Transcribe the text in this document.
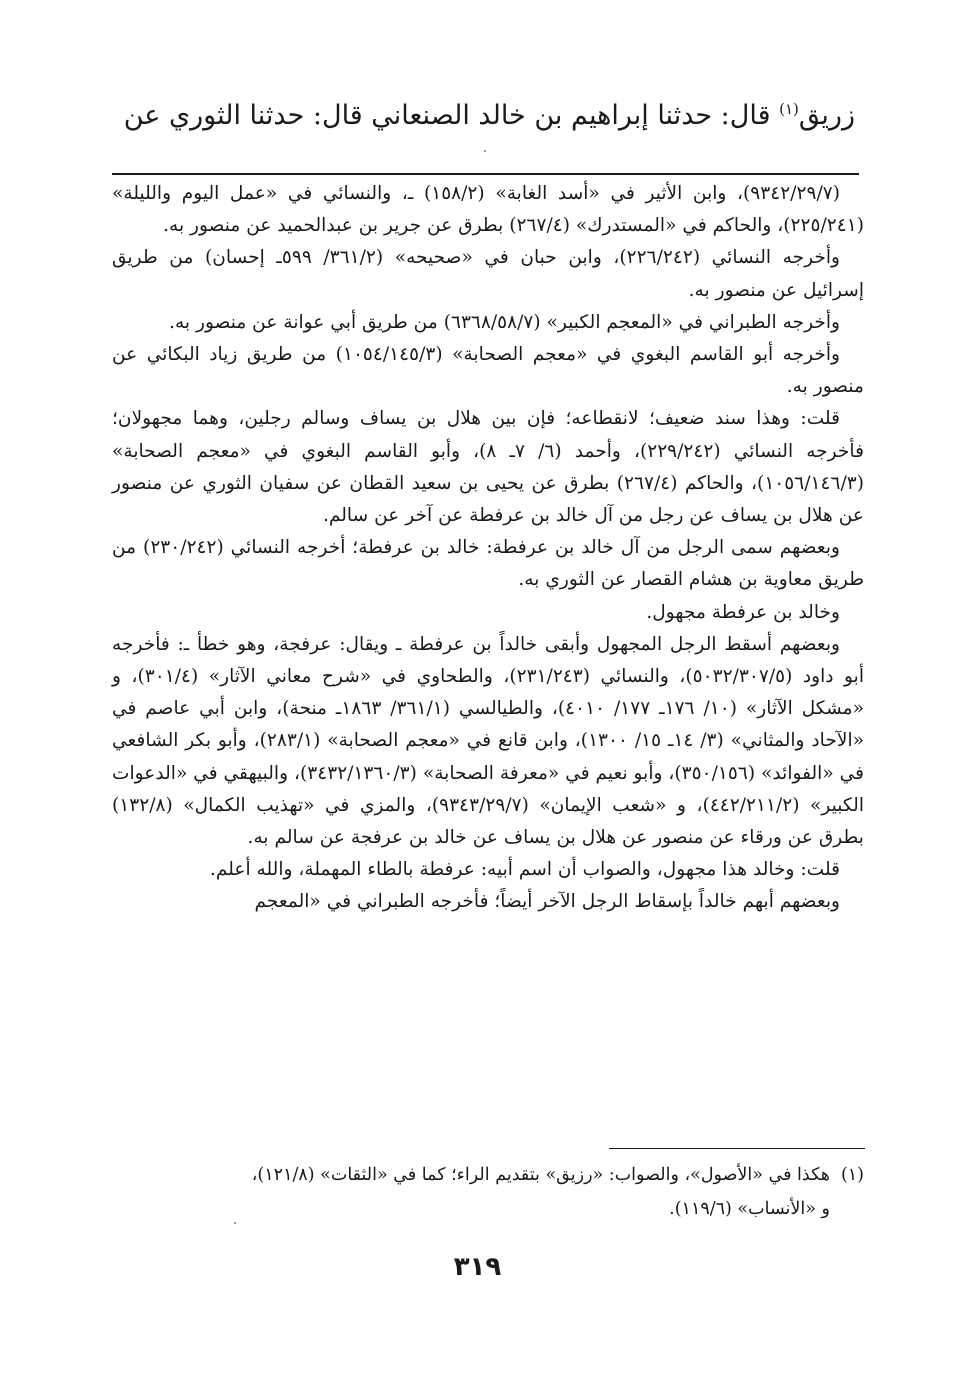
زريق$^{(١)}$ قال: حدثنا إبراهيم بن خالد الصنعاني قال: حدثنا الثوري عن

(٩٣٤٢/٢٩/٧)، وابن الأثير في «أسد الغابة» (١٥٨/٢) ـ، والنسائي في «عمل اليوم والليلة» (٢٢٥/٢٤١)، والحاكم في «المستدرك» (٢٦٧/٤) بطرق عن جرير بن عبدالحميد عن منصور به.

وأخرجه النسائي (٢٢٦/٢٤٢)، وابن حبان في «صحيحه» (٣٦١/٢/ ٥٩٩ـ إحسان) من طريق إسرائيل عن منصور به.

وأخرجه الطبراني في «المعجم الكبير» (٦٣٦٨/٥٨/٧) من طريق أبي عوانة عن منصور به.

وأخرجه أبو القاسم البغوي في «معجم الصحابة» (١٠٥٤/١٤٥/٣) من طريق زياد البكائي عن منصور به.

قلت: وهذا سند ضعيف؛ لانقطاعه؛ فإن بين هلال بن يساف وسالم رجلين، وهما مجهولان؛ فأخرجه النسائي (٢٢٩/٢٤٢)، وأحمد (٦/ ٧ـ ٨)، وأبو القاسم البغوي في «معجم الصحابة» (١٠٥٦/١٤٦/٣)، والحاكم (٢٦٧/٤) بطرق عن يحيى بن سعيد القطان عن سفيان الثوري عن منصور عن هلال بن يساف عن رجل من آل خالد بن عرفطة عن آخر عن سالم.

وبعضهم سمى الرجل من آل خالد بن عرفطة: خالد بن عرفطة؛ أخرجه النسائي (٢٣٠/٢٤٢) من طريق معاوية بن هشام القصار عن الثوري به.

وخالد بن عرفطة مجهول.

وبعضهم أسقط الرجل المجهول وأبقى خالداً بن عرفطة ـ ويقال: عرفجة، وهو خطأ ـ: فأخرجه أبو داود (٥٠٣٢/٣٠٧/٥)، والنسائي (٢٣١/٢٤٣)، والطحاوي في «شرح معاني الآثار» (٣٠١/٤)، و «مشكل الآثار» (١٠/ ١٧٦ـ ١٧٧/ ٤٠١٠)، والطيالسي (٣٦١/١/ ١٨٦٣ـ منحة)، وابن أبي عاصم في «الآحاد والمثاني» (٣/ ١٤ـ ١٥/ ١٣٠٠)، وابن قانع في «معجم الصحابة» (٢٨٣/١)، وأبو بكر الشافعي في «الفوائد» (٣٥٠/١٥٦)، وأبو نعيم في «معرفة الصحابة» (٣٤٣٢/١٣٦٠/٣)، والبيهقي في «الدعوات الكبير» (٤٤٢/٢١١/٢)، و «شعب الإيمان» (٩٣٤٣/٢٩/٧)، والمزي في «تهذيب الكمال» (١٣٢/٨) بطرق عن ورقاء عن منصور عن هلال بن يساف عن خالد بن عرفجة عن سالم به.

قلت: وخالد هذا مجهول، والصواب أن اسم أبيه: عرفطة بالطاء المهملة، والله أعلم.

وبعضهم أبهم خالداً بإسقاط الرجل الآخر أيضاً؛ فأخرجه الطبراني في «المعجم

(١)هكذا في «الأصول»، والصواب: «رزيق» بتقديم الراء؛ كما في «الثقات» (١٢١/٨)،
و «الأنساب» (١١٩/٦).
٣١٩
